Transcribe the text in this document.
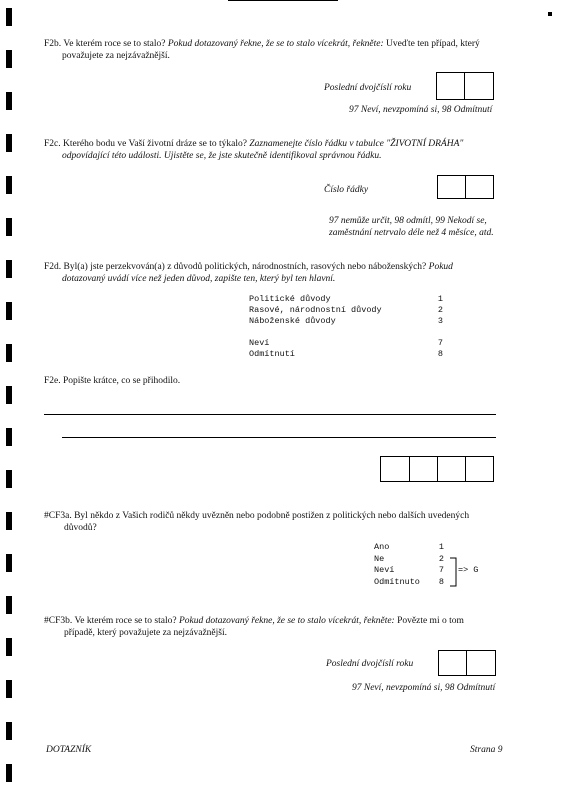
F2b. Ve kterém roce se to stalo? Pokud dotazovaný řekne, že se to stalo vícekrát, řekněte: Uveďte ten případ, který
považujete za nejzávažnější.
Poslední dvojčíslí roku
97 Neví, nevzpomíná si, 98 Odmítnutí
F2c. Kterého bodu ve Vaší životní dráze se to týkalo? Zaznamenejte číslo řádku v tabulce "ŽIVOTNÍ DRÁHA"
odpovídající této události. Ujistěte se, že jste skutečně identifikoval správnou řádku.
Číslo řádky
97 nemůže určit, 98 odmítl, 99 Nekodí se,
zaměstnání netrvalo déle než 4 měsíce, atd.
F2d. Byl(a) jste perzekvován(a) z důvodů politických, národnostních, rasových nebo náboženských? Pokud
dotazovaný uvádí více než jeden důvod, zapište ten, který byl ten hlavní.
Politické důvody	1
Rasové, národnostní důvody	2
Náboženské důvody	3
Neví	7
Odmítnutí	8
F2e. Popište krátce, co se přihodilo.
#CF3a. Byl někdo z Vašich rodičů někdy uvězněn nebo podobně postižen z politických nebo dalších uvedených
důvodů?
Ano	1
Ne	2
Neví	7
Odmítnuto 8
=> G
#CF3b. Ve kterém roce se to stalo? Pokud dotazovaný řekne, že se to stalo vícekrát, řekněte: Povězte mi o tom
případě, který považujete za nejzávažnější.
Poslední dvojčíslí roku
97 Neví, nevzpomíná si, 98 Odmítnutí
DOTAZNÍK	Strana 9
